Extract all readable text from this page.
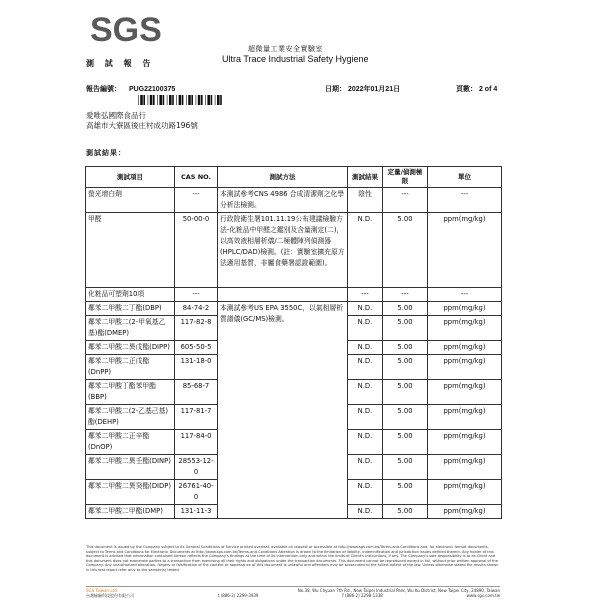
SGS	超微量工業安全實驗室
Ultra Trace Industrial Safety Hygiene
測 試 報 告
報告編號： PUG22100375	日期： 2022年01月21日	頁數： 2 of 4
愛唯弘國際食品行
高雄市大寮區後庄村成功路196號
測試結果：
測試項目	CAS NO.	測試方法	測試結果	定量/偵測極限	單位
螢光增白劑	---	本測試參考CNS 4986 合成清潔劑之化學分析法檢測。	陰性	---	---
甲醛	50-00-0	行政院衛生署101.11.19公布建議檢驗方法-化粧品中甲醛之鑑別及含量測定(二)，以高效液相層析儀/二極體陣列偵測器(HPLC/DAD)檢測。(註：實驗室擴充原方法適用基質，非屬食藥署認證範圍)。	N.D.	5.00	ppm(mg/kg)
化粧品可塑劑10項	---		---	---	---
鄰苯二甲酸二丁酯(DBP)	84-74-2	本測試參考US EPA 3550C，以氣相層析質譜儀(GC/MS)檢測。	N.D.	5.00	ppm(mg/kg)
鄰苯二甲酸二(2-甲氧基乙基)酯(DMEP)	117-82-8		N.D.	5.00	ppm(mg/kg)
鄰苯二甲酸二異戊酯(DIPP)	605-50-5		N.D.	5.00	ppm(mg/kg)
鄰苯二甲酸二正戊酯(DnPP)	131-18-0		N.D.	5.00	ppm(mg/kg)
鄰苯二甲酸丁酯苯甲酯(BBP)	85-68-7		N.D.	5.00	ppm(mg/kg)
鄰苯二甲酸二(2-乙基己基)酯(DEHP)	117-81-7		N.D.	5.00	ppm(mg/kg)
鄰苯二甲酸二正辛酯(DnOP)	117-84-0		N.D.	5.00	ppm(mg/kg)
鄰苯二甲酸二異壬酯(DINP)	28553-12-0		N.D.	5.00	ppm(mg/kg)
鄰苯二甲酸二異癸酯(DIDP)	26761-40-0		N.D.	5.00	ppm(mg/kg)
鄰苯二甲酸二甲酯(DMP)	131-11-3		N.D.	5.00	ppm(mg/kg)
This document is issued by the Company subject to its General Conditions of Service printed overleaf, available on request or accessible at http://www.sgs.com.tw/Terms-and-Conditions and, for electronic format documents, subject to Terms and Conditions for Electronic Documents at http://www.sgs.com.tw/Terms-and-Conditions Attention is drawn to the limitation of liability, indemnification and jurisdiction issues defined therein. Any holder of this document is advised that information contained hereon reflects the Company's findings at the time of its intervention only and within the limits of Client's instructions, if any. The Company's sole responsibility is to its Client and this document does not exonerate parties to a transaction from exercising all their rights and obligations under the transaction documents. This document cannot be reproduced except in full, without prior written approval of the Company. Any unauthorized alteration, forgery or falsification of the content or appearance of this document is unlawful and offenders may be prosecuted to the fullest extent of the law. Unless otherwise stated the results shown in this test report refer only to the sample(s) tested.
SGS Taiwan Ltd.	No.38, Wu Chyuan 7th Rd., New Taipei Industrial Park, Wu Ku District, New Taipei City, 24890, Taiwan
台灣檢驗科技股份有限公司	t (886-2) 2299-3939	f (886-2) 2298-1338	www.sgs.com.tw
